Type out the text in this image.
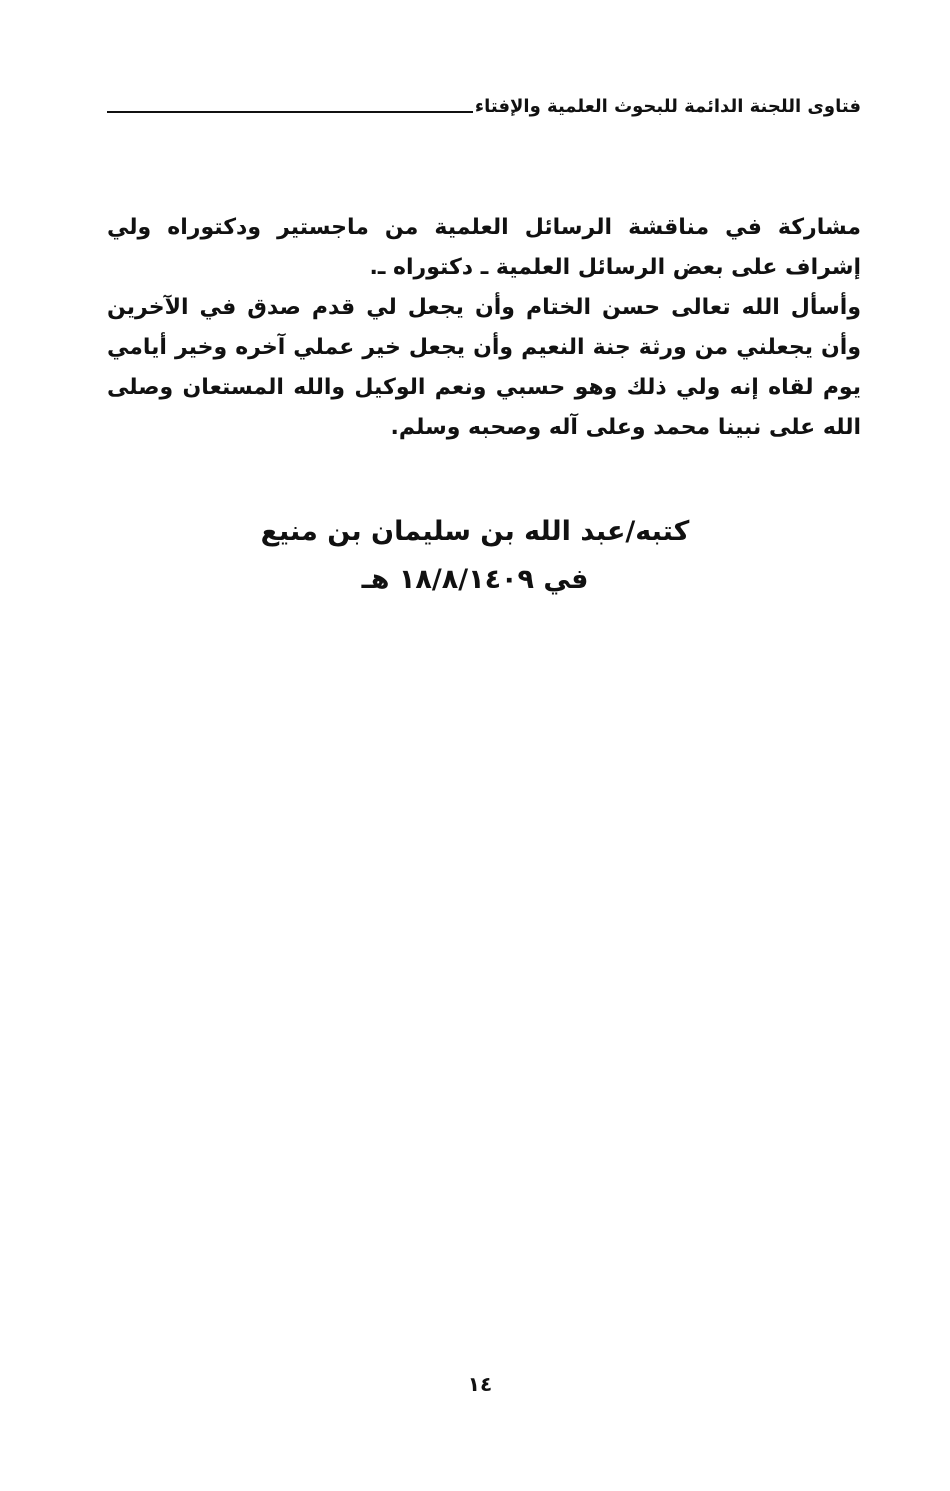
فتاوى اللجنة الدائمة للبحوث العلمية والإفتاء

مشاركة في مناقشة الرسائل العلمية من ماجستير ودكتوراه ولي إشراف على بعض الرسائل العلمية ـ دكتوراه ـ.

وأسأل الله تعالى حسن الختام وأن يجعل لي قدم صدق في الآخرين وأن يجعلني من ورثة جنة النعيم وأن يجعل خير عملي آخره وخير أيامي يوم لقاه إنه ولي ذلك وهو حسبي ونعم الوكيل والله المستعان وصلى الله على نبينا محمد وعلى آله وصحبه وسلم.

كتبه/عبد الله بن سليمان بن منيع
في ١٨/٨/١٤٠٩ هـ
١٤
